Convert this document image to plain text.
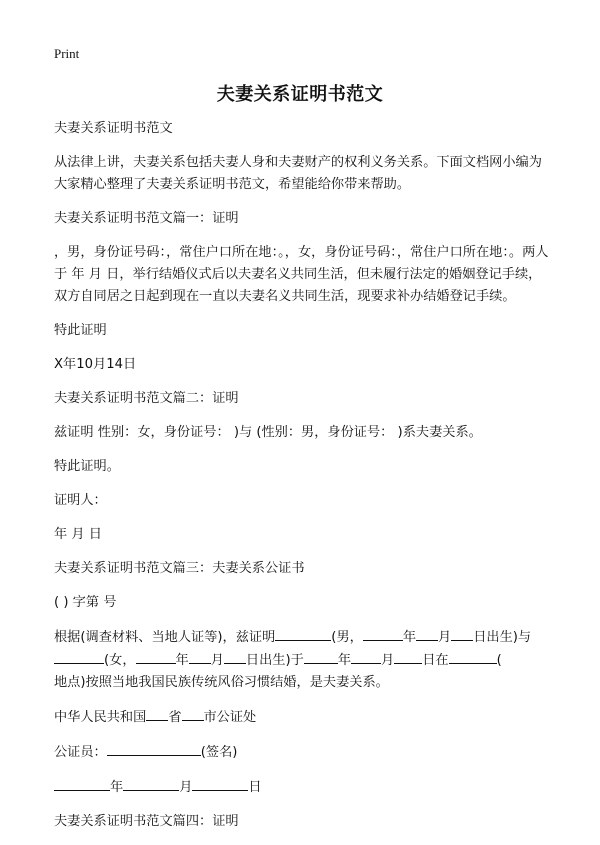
Print
夫妻关系证明书范文

夫妻关系证明书范文

从法律上讲，夫妻关系包括夫妻人身和夫妻财产的权利义务关系。下面文档网小编为大家精心整理了夫妻关系证明书范文，希望能给你带来帮助。

夫妻关系证明书范文篇一：证明

，男，身份证号码：，常住户口所在地：。，女，身份证号码：，常住户口所在地：。两人于 年 月 日，举行结婚仪式后以夫妻名义共同生活，但未履行法定的婚姻登记手续，双方自同居之日起到现在一直以夫妻名义共同生活，现要求补办结婚登记手续。

特此证明

X年10月14日

夫妻关系证明书范文篇二：证明

兹证明 性别：女，身份证号： )与 (性别：男，身份证号： )系夫妻关系。

特此证明。

证明人：

年 月 日

夫妻关系证明书范文篇三：夫妻关系公证书

( ) 字第 号

根据(调查材料、当地人证等)，兹证明	(男，	年 月 日出生)与
(女，	年 月 日出生)于	年 月 日在	(
地点)按照当地我国民族传统风俗习惯结婚，是夫妻关系。

中华人民共和国 省 市公证处

公证员：	(签名)

年	月	日

夫妻关系证明书范文篇四：证明
